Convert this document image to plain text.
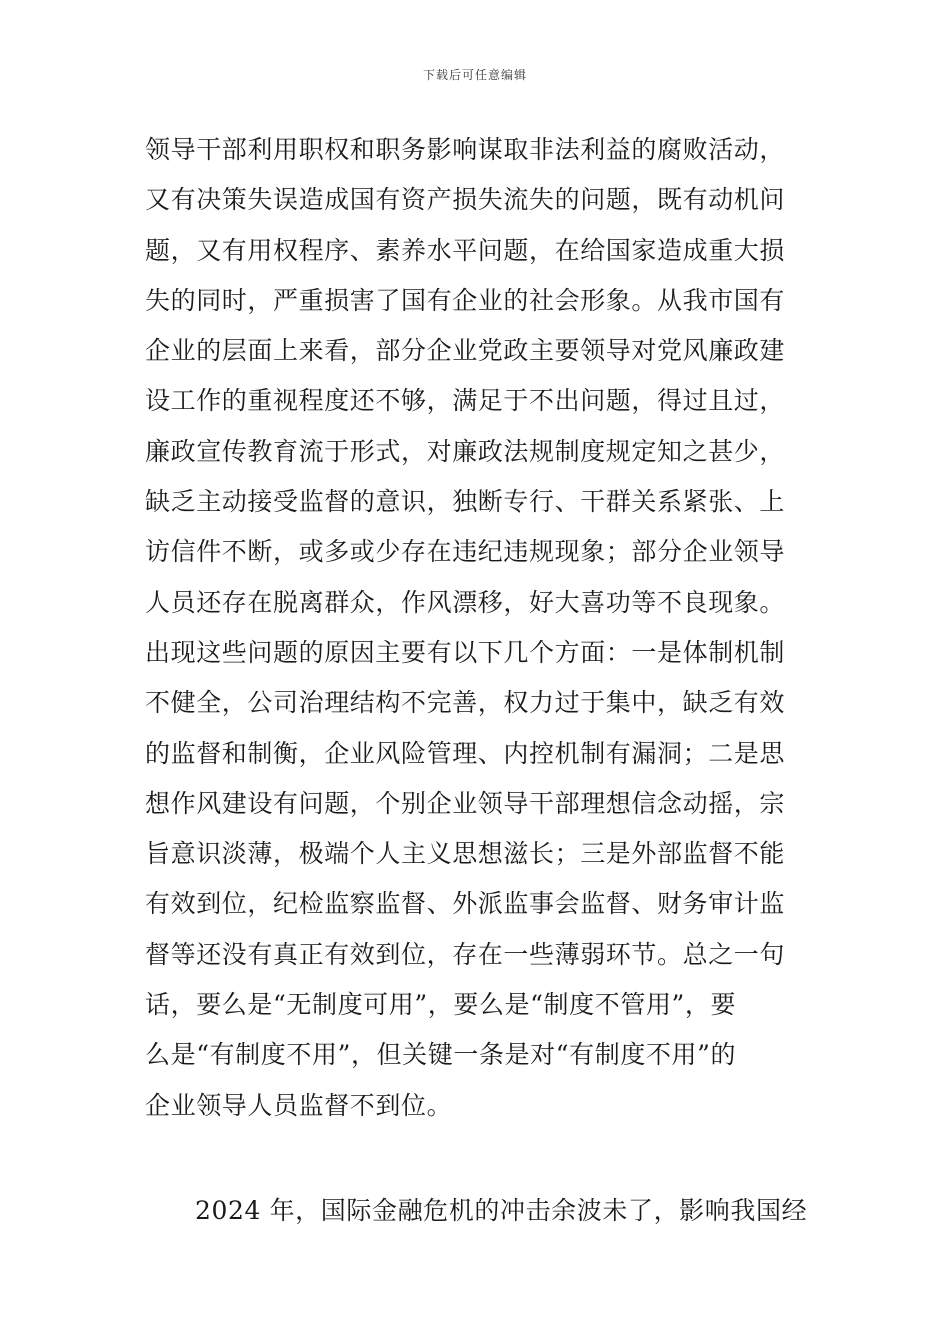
下载后可任意编辑
领导干部利用职权和职务影响谋取非法利益的腐败活动，
又有决策失误造成国有资产损失流失的问题，既有动机问
题，又有用权程序、素养水平问题，在给国家造成重大损
失的同时，严重损害了国有企业的社会形象。从我市国有
企业的层面上来看，部分企业党政主要领导对党风廉政建
设工作的重视程度还不够，满足于不出问题，得过且过，
廉政宣传教育流于形式，对廉政法规制度规定知之甚少，
缺乏主动接受监督的意识，独断专行、干群关系紧张、上
访信件不断，或多或少存在违纪违规现象；部分企业领导
人员还存在脱离群众，作风漂移，好大喜功等不良现象。
出现这些问题的原因主要有以下几个方面：一是体制机制
不健全，公司治理结构不完善，权力过于集中，缺乏有效
的监督和制衡，企业风险管理、内控机制有漏洞；二是思
想作风建设有问题，个别企业领导干部理想信念动摇，宗
旨意识淡薄，极端个人主义思想滋长；三是外部监督不能
有效到位，纪检监察监督、外派监事会监督、财务审计监
督等还没有真正有效到位，存在一些薄弱环节。总之一句
话，要么是“无制度可用”，要么是“制度不管用”，要
么是“有制度不用”，但关键一条是对“有制度不用”的
企业领导人员监督不到位。
2024 年，国际金融危机的冲击余波未了，影响我国经
